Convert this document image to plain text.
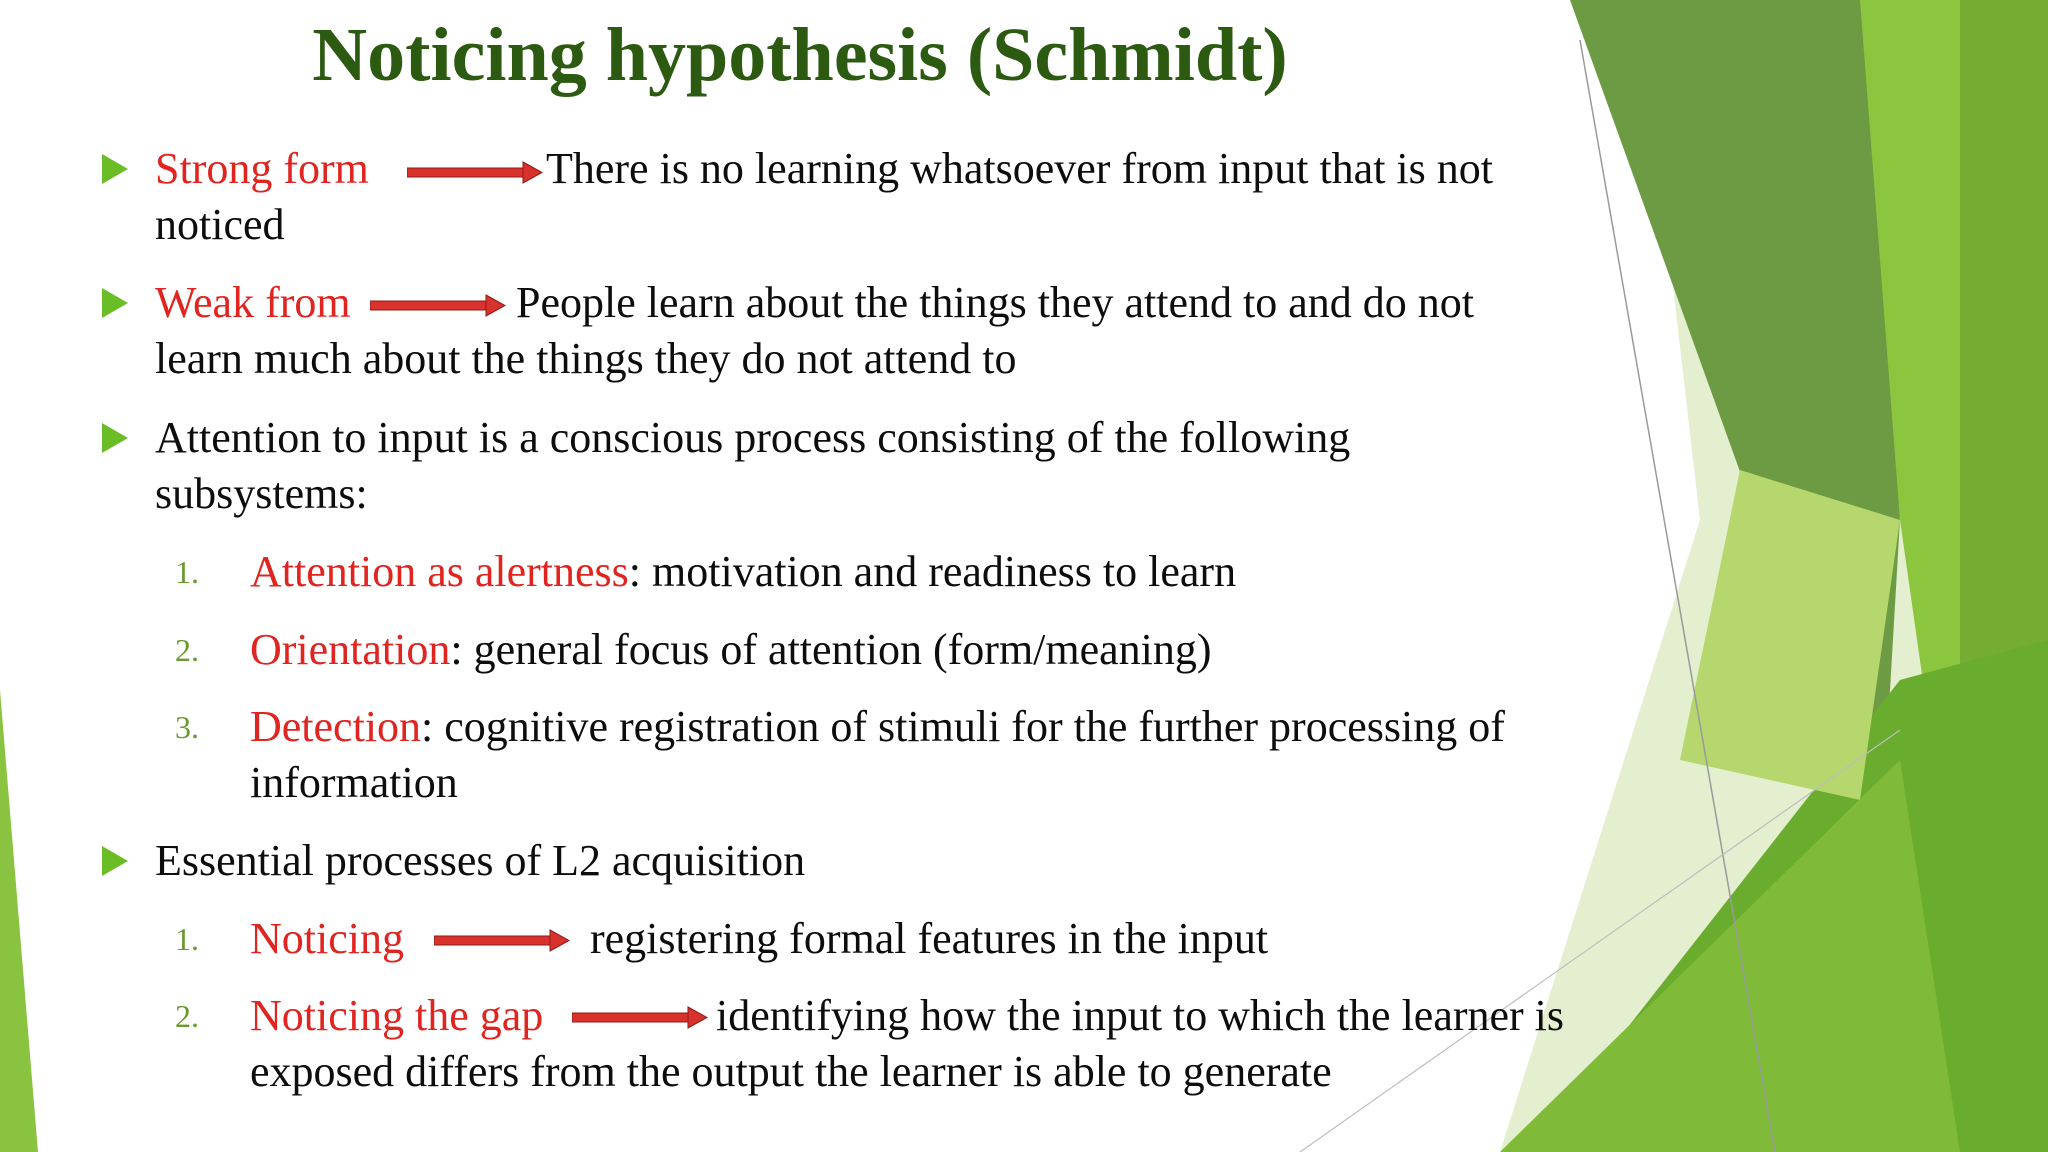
Noticing hypothesis (Schmidt)
Strong form	There is no learning whatsoever from input that is not
noticed
Weak from	People learn about the things they attend to and do not
learn much about the things they do not attend to
Attention to input is a conscious process consisting of the following
subsystems:
1. Attention as alertness: motivation and readiness to learn
2. Orientation: general focus of attention (form/meaning)
3. Detection: cognitive registration of stimuli for the further processing of
information
Essential processes of L2 acquisition
1. Noticing	registering formal features in the input
2. Noticing the gap	identifying how the input to which the learner is
exposed differs from the output the learner is able to generate
